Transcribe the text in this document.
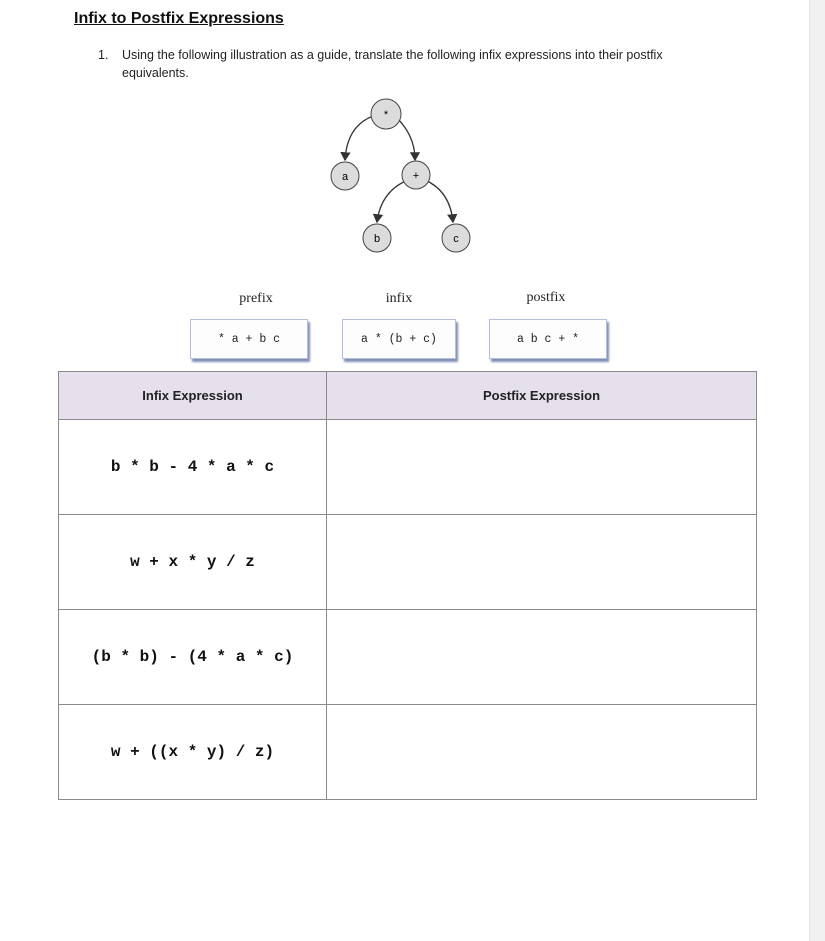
Infix to Postfix Expressions
1. Using the following illustration as a guide, translate the following infix expressions into their postfix equivalents.
*
a	+
b	c
prefix	infix	postfix
* a + b c	a * (b + c)	a b c + *
Infix Expression	Postfix Expression
b * b - 4 * a * c	
w + x * y / z	
(b * b) - (4 * a * c)	
w + ((x * y) / z)	
